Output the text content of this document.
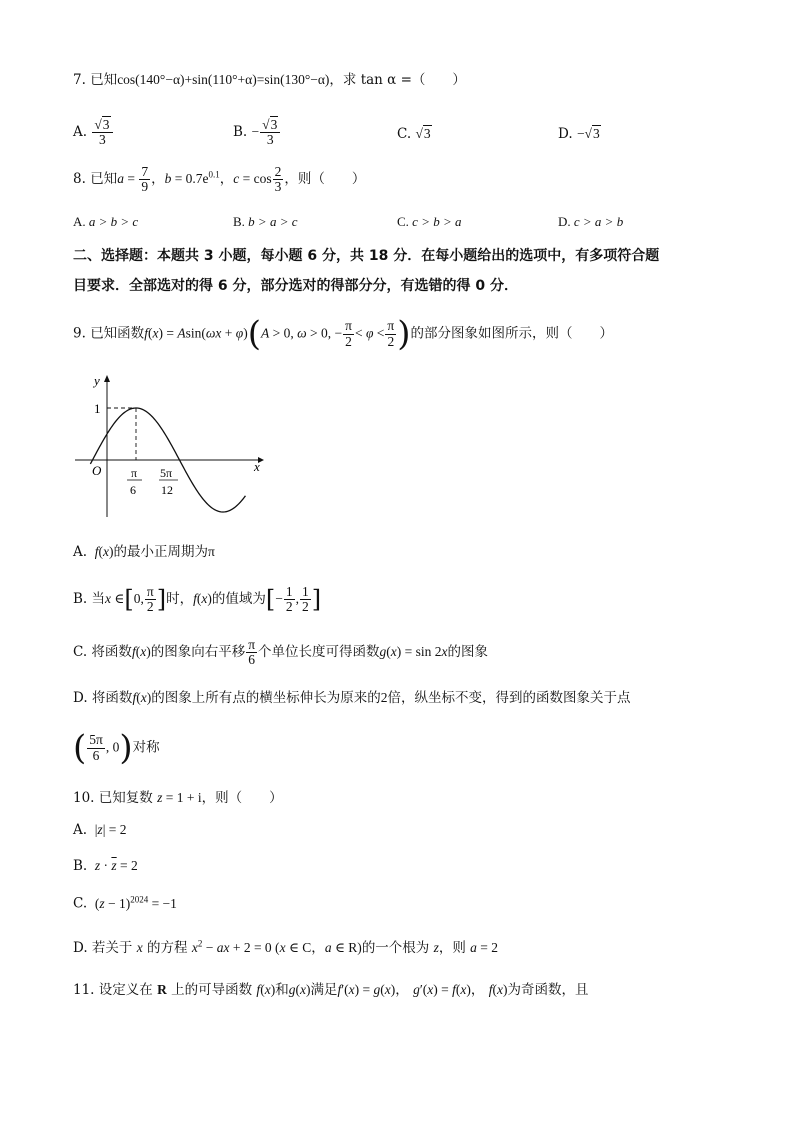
7. 已知cos(140°−α)+sin(110°+α)=sin(130°−α)，求 tan α =（　　）
A. $\frac{√3}{3}$	B. − $\frac{√3}{3}$	C. √3	D. −√3
8. 已知$a = \frac{7}{9}$ ，$b = 0.7e^{0.1}$，$c = \cos \frac{2}{3}$ ，则（　　）
A. a > b > c	B. b > a > c	C. c > b > a	D. c > a > b
二、选择题：本题共 3 小题，每小题 6 分，共 18 分．在每小题给出的选项中，有多项符合题
目要求．全部选对的得 6 分，部分选对的得部分分，有选错的得 0 分．
9. 已知函数f(x) = Asin(ωx + φ)(A > 0, ω > 0, − $\frac{\pi}{2} < \varphi < \frac{\pi}{2}$ )的部分图象如图所示，则（　　）
y
x
O
1
π
6
5π
12
A. f(x)的最小正周期为π
B. 当x ∈[0, $\frac{\pi}{2}$ ]时，f(x)的值域为[− $\frac{1}{2}$ , $\frac{1}{2}$ ]
C. 将函数f(x)的图象向右平移 $\frac{\pi}{6}$ 个单位长度可得函数g(x) = sin 2x的图象
D. 将函数f(x)的图象上所有点的横坐标伸长为原来的2倍，纵坐标不变，得到的函数图象关于点
( $\frac{5\pi}{6}$ , 0)对称
10. 已知复数 z = 1 + i，则（　　）
A.  |z| = 2
B. $z \cdot \overline{z} = 2$
C.  $(z - 1)^{2024} = -1$
D. 若关于 x 的方程 $x^2$ − ax + 2 = 0 (x ∈ C，a ∈ R)的一个根为 z，则 a = 2
11. 设定义在 R 上的可导函数 f(x)和g(x)满足f′(x) = g(x)， g′(x) = f(x)， f(x)为奇函数，且
